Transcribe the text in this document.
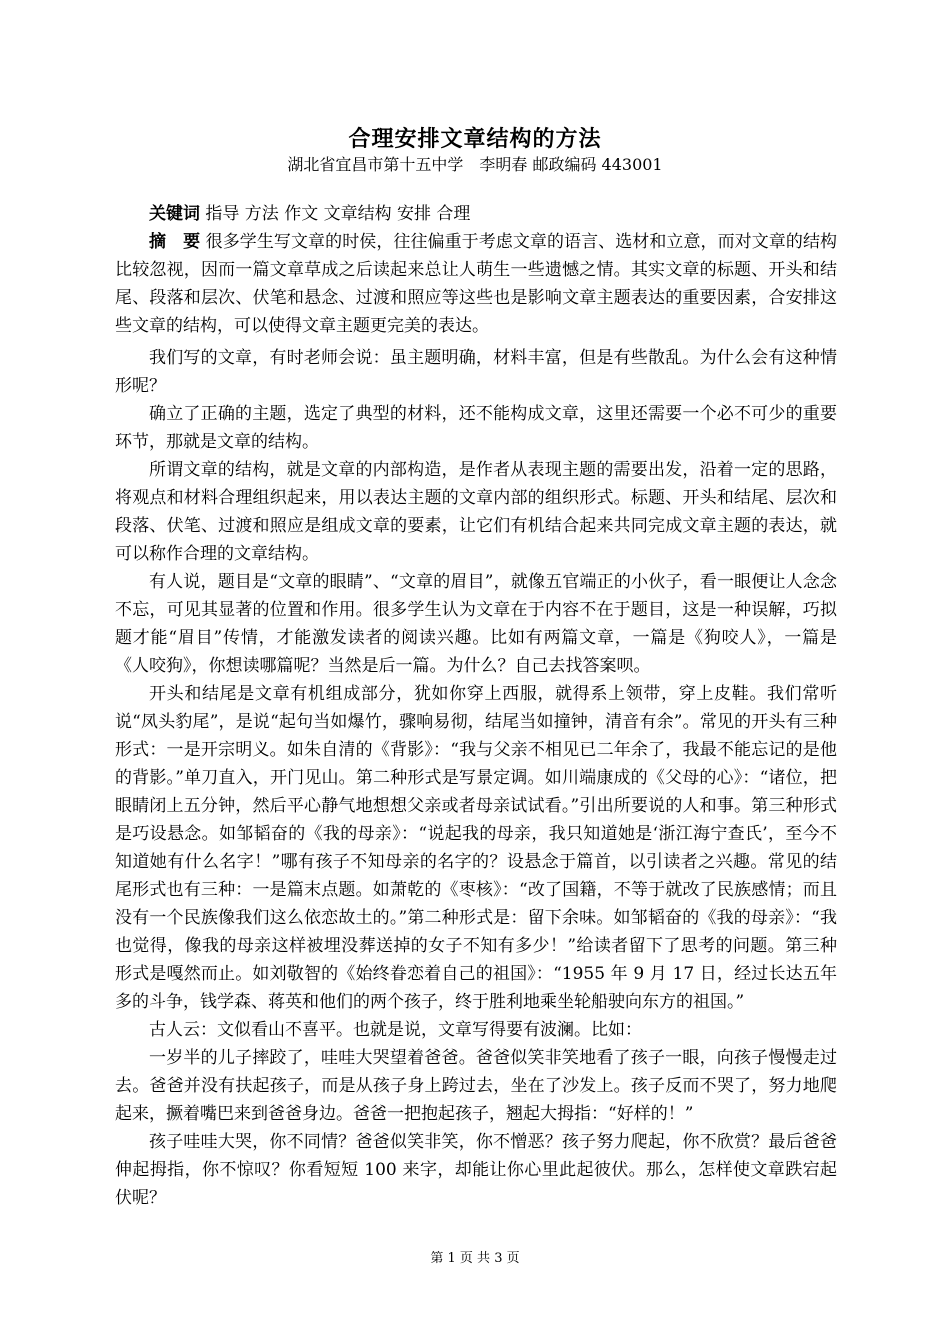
合理安排文章结构的方法
湖北省宜昌市第十五中学　李明春 邮政编码 443001

关键词 指导 方法 作文 文章结构 安排 合理

摘　要 很多学生写文章的时侯，往往偏重于考虑文章的语言、选材和立意，而对文章的结构比较忽视，因而一篇文章草成之后读起来总让人萌生一些遗憾之情。其实文章的标题、开头和结尾、段落和层次、伏笔和悬念、过渡和照应等这些也是影响文章主题表达的重要因素，合安排这些文章的结构，可以使得文章主题更完美的表达。

我们写的文章，有时老师会说：虽主题明确，材料丰富，但是有些散乱。为什么会有这种情形呢？

确立了正确的主题，选定了典型的材料，还不能构成文章，这里还需要一个必不可少的重要环节，那就是文章的结构。

所谓文章的结构，就是文章的内部构造，是作者从表现主题的需要出发，沿着一定的思路，将观点和材料合理组织起来，用以表达主题的文章内部的组织形式。标题、开头和结尾、层次和段落、伏笔、过渡和照应是组成文章的要素，让它们有机结合起来共同完成文章主题的表达，就可以称作合理的文章结构。

有人说，题目是“文章的眼睛”、“文章的眉目”，就像五官端正的小伙子，看一眼便让人念念不忘，可见其显著的位置和作用。很多学生认为文章在于内容不在于题目，这是一种误解，巧拟题才能“眉目”传情，才能激发读者的阅读兴趣。比如有两篇文章，一篇是《狗咬人》，一篇是《人咬狗》，你想读哪篇呢？当然是后一篇。为什么？自己去找答案呗。

开头和结尾是文章有机组成部分，犹如你穿上西服，就得系上领带，穿上皮鞋。我们常听说“凤头豹尾”，是说“起句当如爆竹，骤响易彻，结尾当如撞钟，清音有余”。常见的开头有三种形式：一是开宗明义。如朱自清的《背影》：“我与父亲不相见已二年余了，我最不能忘记的是他的背影。”单刀直入，开门见山。第二种形式是写景定调。如川端康成的《父母的心》：“诸位，把眼睛闭上五分钟，然后平心静气地想想父亲或者母亲试试看。”引出所要说的人和事。第三种形式是巧设悬念。如邹韬奋的《我的母亲》：“说起我的母亲，我只知道她是‘浙江海宁查氏’，至今不知道她有什么名字！”哪有孩子不知母亲的名字的？设悬念于篇首，以引读者之兴趣。常见的结尾形式也有三种：一是篇末点题。如萧乾的《枣核》：“改了国籍，不等于就改了民族感情；而且没有一个民族像我们这么依恋故土的。”第二种形式是：留下余味。如邹韬奋的《我的母亲》：“我也觉得，像我的母亲这样被埋没葬送掉的女子不知有多少！”给读者留下了思考的问题。第三种形式是嘎然而止。如刘敬智的《始终眷恋着自己的祖国》：“1955 年 9 月 17 日，经过长达五年多的斗争，钱学森、蒋英和他们的两个孩子，终于胜利地乘坐轮船驶向东方的祖国。”

古人云：文似看山不喜平。也就是说，文章写得要有波澜。比如：

一岁半的儿子摔跤了，哇哇大哭望着爸爸。爸爸似笑非笑地看了孩子一眼，向孩子慢慢走过去。爸爸并没有扶起孩子，而是从孩子身上跨过去，坐在了沙发上。孩子反而不哭了，努力地爬起来，撅着嘴巴来到爸爸身边。爸爸一把抱起孩子，翘起大拇指：“好样的！”

孩子哇哇大哭，你不同情？爸爸似笑非笑，你不憎恶？孩子努力爬起，你不欣赏？最后爸爸伸起拇指，你不惊叹？你看短短 100 来字，却能让你心里此起彼伏。那么，怎样使文章跌宕起伏呢？

第 1 页 共 3 页
